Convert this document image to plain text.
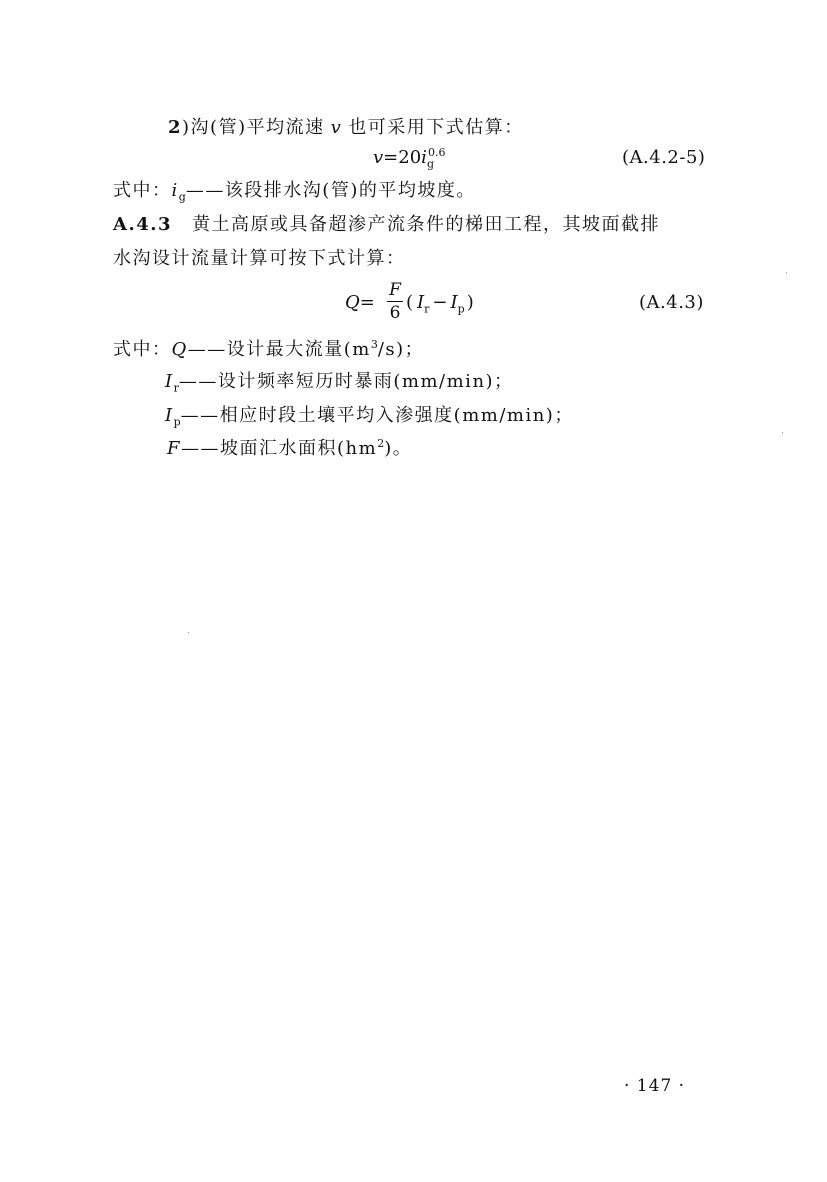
2)沟(管)平均流速 v 也可采用下式估算：
$v=20i_g^{0.6}$	(A.4.2-5)
式中：$i_g——$该段排水沟(管)的平均坡度。
A.4.3 黄土高原或具备超渗产流条件的梯田工程，其坡面截排
水沟设计流量计算可按下式计算：
Q=
F
6 ( $I_r - I_p$ )	(A.4.3)
式中：Q——设计最大流量$(m^3/s)$；
$I_r——$设计频率短历时暴雨(mm/min)；
$I_p——$相应时段土壤平均入渗强度(mm/min)；
F——坡面汇水面积$(hm^2)$。
· 147 ·
